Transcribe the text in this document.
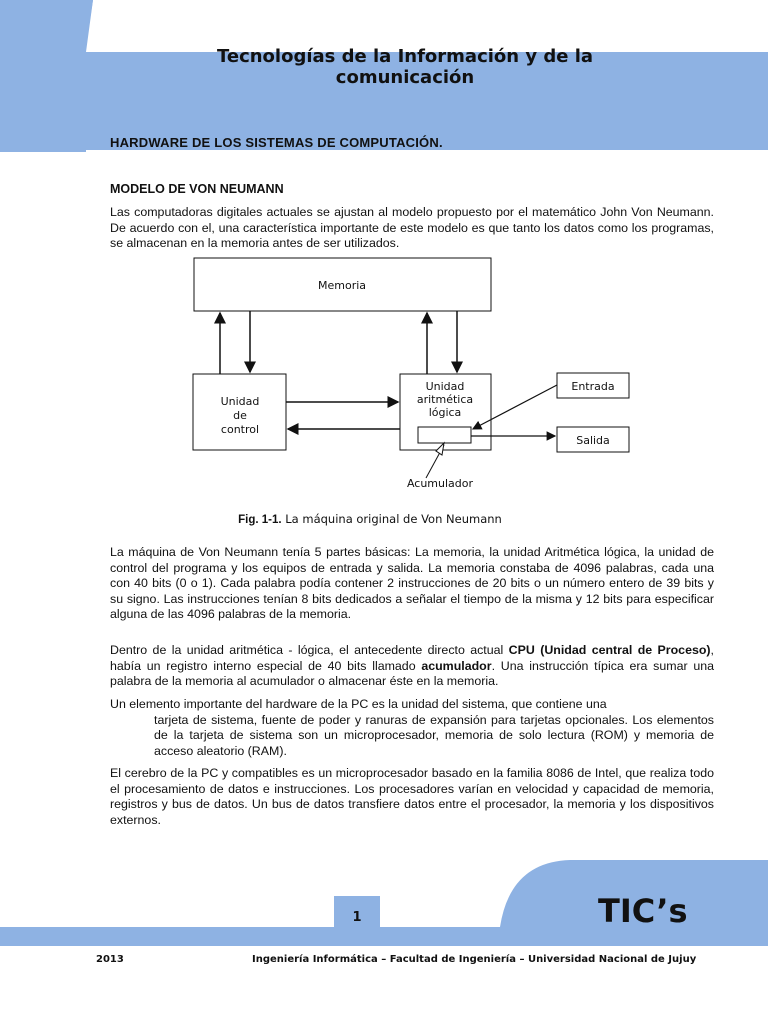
Tecnologías de la Información y de la comunicación
HARDWARE DE LOS SISTEMAS DE COMPUTACIÓN.
MODELO DE VON NEUMANN
Las computadoras digitales actuales se ajustan al modelo propuesto por el matemático John Von Neumann. De acuerdo con el, una característica importante de este modelo es que tanto los datos como los programas, se almacenan en la memoria antes de ser utilizados.
Memoria
Unidad
de
control
Unidad
aritmética
lógica
Entrada
Salida
Acumulador
Fig. 1-1. La máquina original de Von Neumann
La máquina de Von Neumann tenía 5 partes básicas: La memoria, la unidad Aritmética lógica, la unidad de control del programa y los equipos de entrada y salida. La memoria constaba de 4096 palabras, cada una con 40 bits (0 o 1). Cada palabra podía contener 2 instrucciones de 20 bits o un número entero de 39 bits y su signo. Las instrucciones tenían 8 bits dedicados a señalar el tiempo de la misma y 12 bits para especificar alguna de las 4096 palabras de la memoria.
Dentro de la unidad aritmética - lógica, el antecedente directo actual CPU (Unidad central de Proceso), había un registro interno especial de 40 bits llamado acumulador. Una instrucción típica era sumar una palabra de la memoria al acumulador o almacenar éste en la memoria.
Un elemento importante del hardware de la PC es la unidad del sistema, que contiene una
tarjeta de sistema, fuente de poder y ranuras de expansión para tarjetas opcionales. Los elementos de la tarjeta de sistema son un microprocesador, memoria de solo lectura (ROM) y memoria de acceso aleatorio (RAM).
El cerebro de la PC y compatibles es un microprocesador basado en la familia 8086 de Intel, que realiza todo el procesamiento de datos e instrucciones. Los procesadores varían en velocidad y capacidad de memoria, registros y bus de datos. Un bus de datos transfiere datos entre el procesador, la memoria y los dispositivos externos.
1	TIC’s
2013	Ingeniería Informática – Facultad de Ingeniería – Universidad Nacional de Jujuy
